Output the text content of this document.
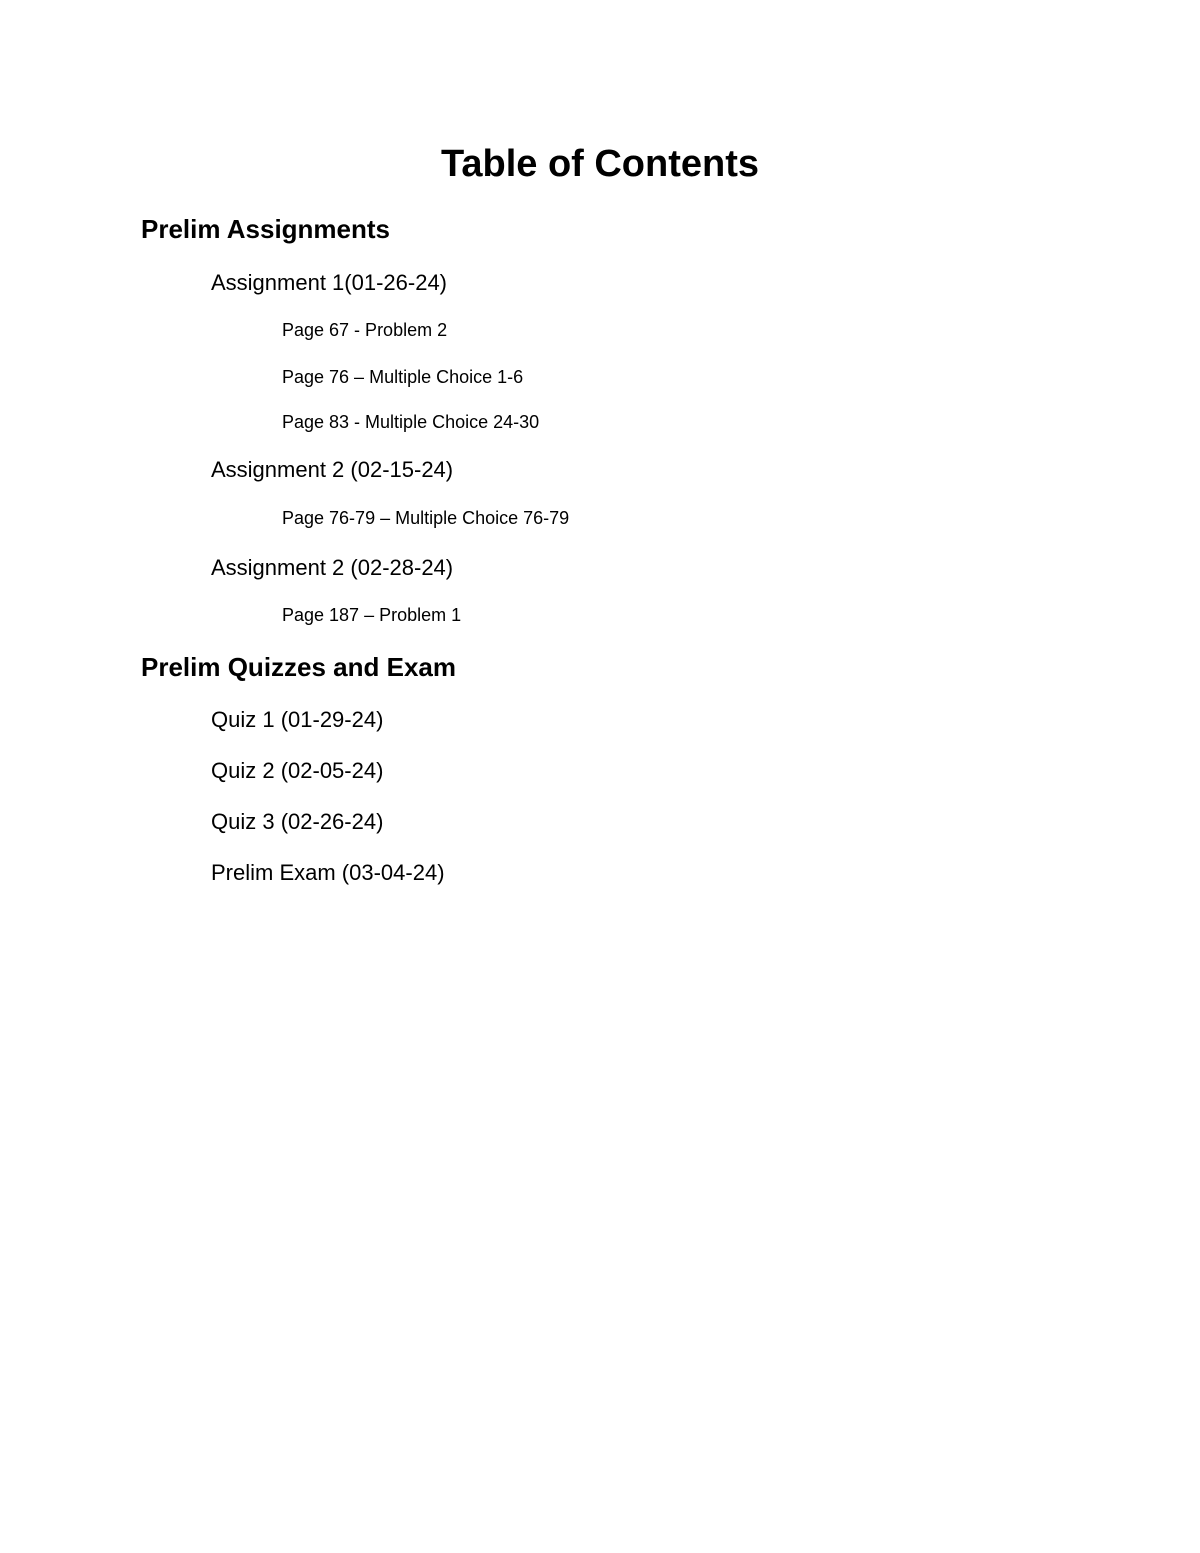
Table of Contents
Prelim Assignments
Assignment 1(01-26-24)
Page 67 - Problem 2
Page 76 – Multiple Choice 1-6
Page 83 - Multiple Choice 24-30
Assignment 2 (02-15-24)
Page 76-79 – Multiple Choice 76-79
Assignment 2 (02-28-24)
Page 187 – Problem 1
Prelim Quizzes and Exam
Quiz 1 (01-29-24)
Quiz 2 (02-05-24)
Quiz 3 (02-26-24)
Prelim Exam (03-04-24)
